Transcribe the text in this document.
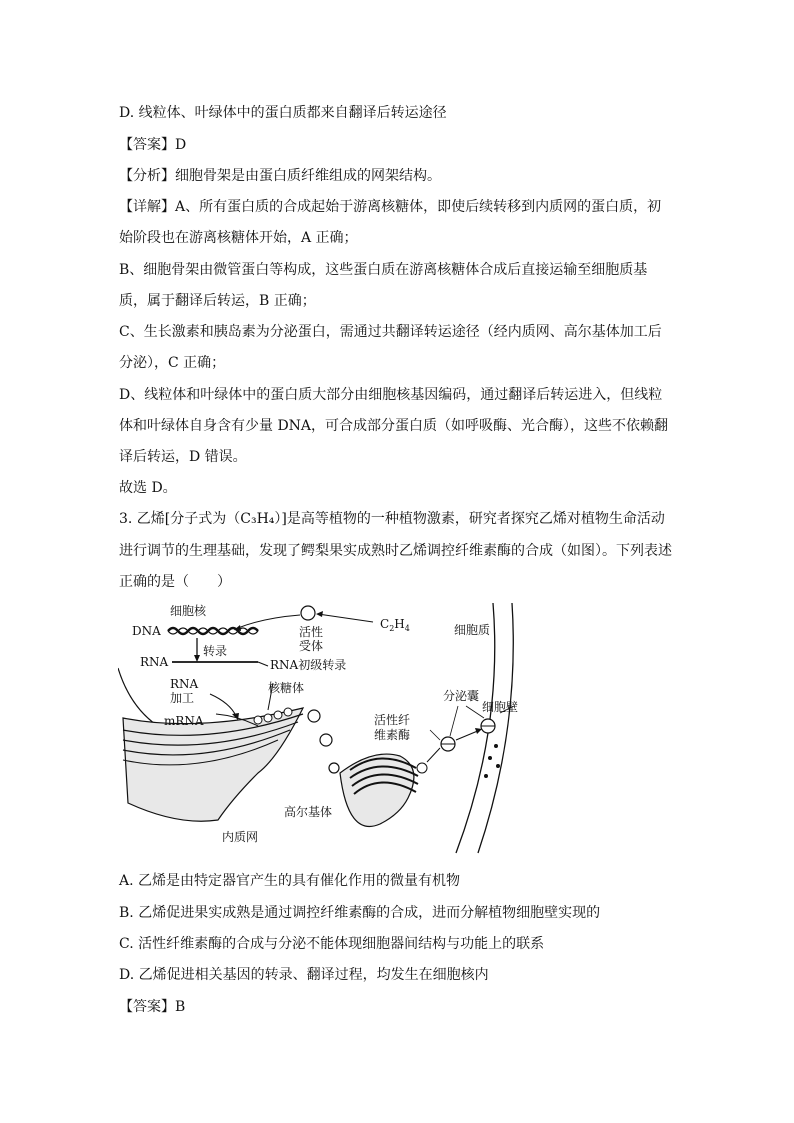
D. 线粒体、叶绿体中的蛋白质都来自翻译后转运途径
【答案】D
【分析】细胞骨架是由蛋白质纤维组成的网架结构。
【详解】A、所有蛋白质的合成起始于游离核糖体，即使后续转移到内质网的蛋白质，初
始阶段也在游离核糖体开始，A 正确；
B、细胞骨架由微管蛋白等构成，这些蛋白质在游离核糖体合成后直接运输至细胞质基
质，属于翻译后转运，B 正确；
C、生长激素和胰岛素为分泌蛋白，需通过共翻译转运途径（经内质网、高尔基体加工后
分泌），C 正确；
D、线粒体和叶绿体中的蛋白质大部分由细胞核基因编码，通过翻译后转运进入，但线粒
体和叶绿体自身含有少量 DNA，可合成部分蛋白质（如呼吸酶、光合酶），这些不依赖翻
译后转运，D 错误。
故选 D。
3. 乙烯[分子式为（C₃H₄）]是高等植物的一种植物激素，研究者探究乙烯对植物生命活动
进行调节的生理基础，发现了鳄梨果实成熟时乙烯调控纤维素酶的合成（如图）。下列表述
正确的是（　　）
A. 乙烯是由特定器官产生的具有催化作用的微量有机物
B. 乙烯促进果实成熟是通过调控纤维素酶的合成，进而分解植物细胞壁实现的
C. 活性纤维素酶的合成与分泌不能体现细胞器间结构与功能上的联系
D. 乙烯促进相关基因的转录、翻译过程，均发生在细胞核内
【答案】B
细胞核
DNA
转录
RNA	RNA初级转录
RNA
加工
mRNA
活性
受体
$C_2H_4$	细胞质
核糖体
分泌囊
细胞壁
活性纤
维素酶
高尔基体
内质网
